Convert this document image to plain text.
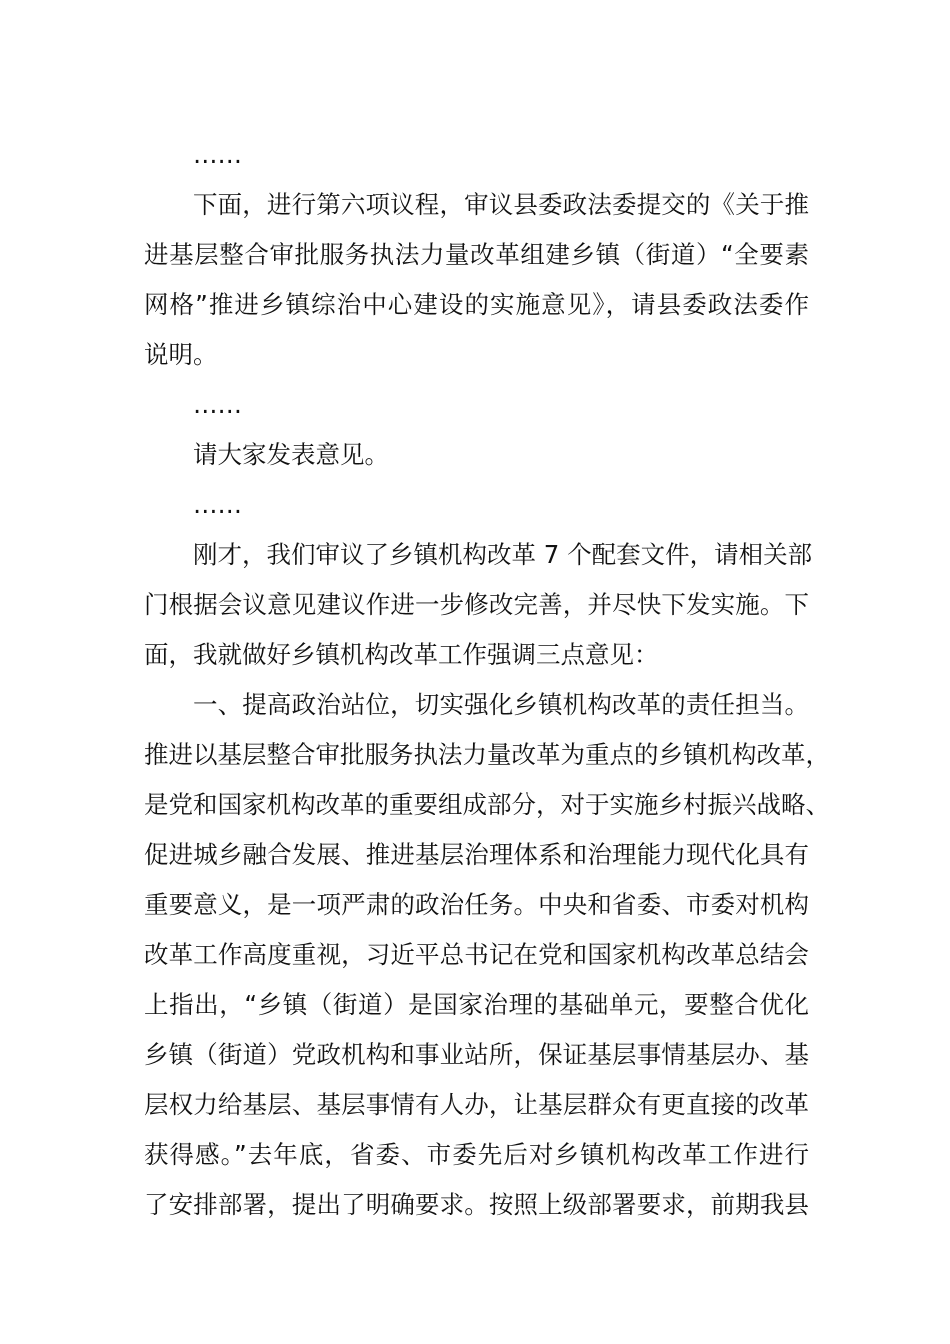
……
下面，进行第六项议程，审议县委政法委提交的《关于推
进基层整合审批服务执法力量改革组建乡镇（街道）“全要素
网格”推进乡镇综治中心建设的实施意见》，请县委政法委作
说明。
……
请大家发表意见。
……
刚才，我们审议了乡镇机构改革 7 个配套文件，请相关部
门根据会议意见建议作进一步修改完善，并尽快下发实施。下
面，我就做好乡镇机构改革工作强调三点意见：
一、提高政治站位，切实强化乡镇机构改革的责任担当。
推进以基层整合审批服务执法力量改革为重点的乡镇机构改革，
是党和国家机构改革的重要组成部分，对于实施乡村振兴战略、
促进城乡融合发展、推进基层治理体系和治理能力现代化具有
重要意义，是一项严肃的政治任务。中央和省委、市委对机构
改革工作高度重视，习近平总书记在党和国家机构改革总结会
上指出，“乡镇（街道）是国家治理的基础单元，要整合优化
乡镇（街道）党政机构和事业站所，保证基层事情基层办、基
层权力给基层、基层事情有人办，让基层群众有更直接的改革
获得感。”去年底，省委、市委先后对乡镇机构改革工作进行
了安排部署，提出了明确要求。按照上级部署要求，前期我县
